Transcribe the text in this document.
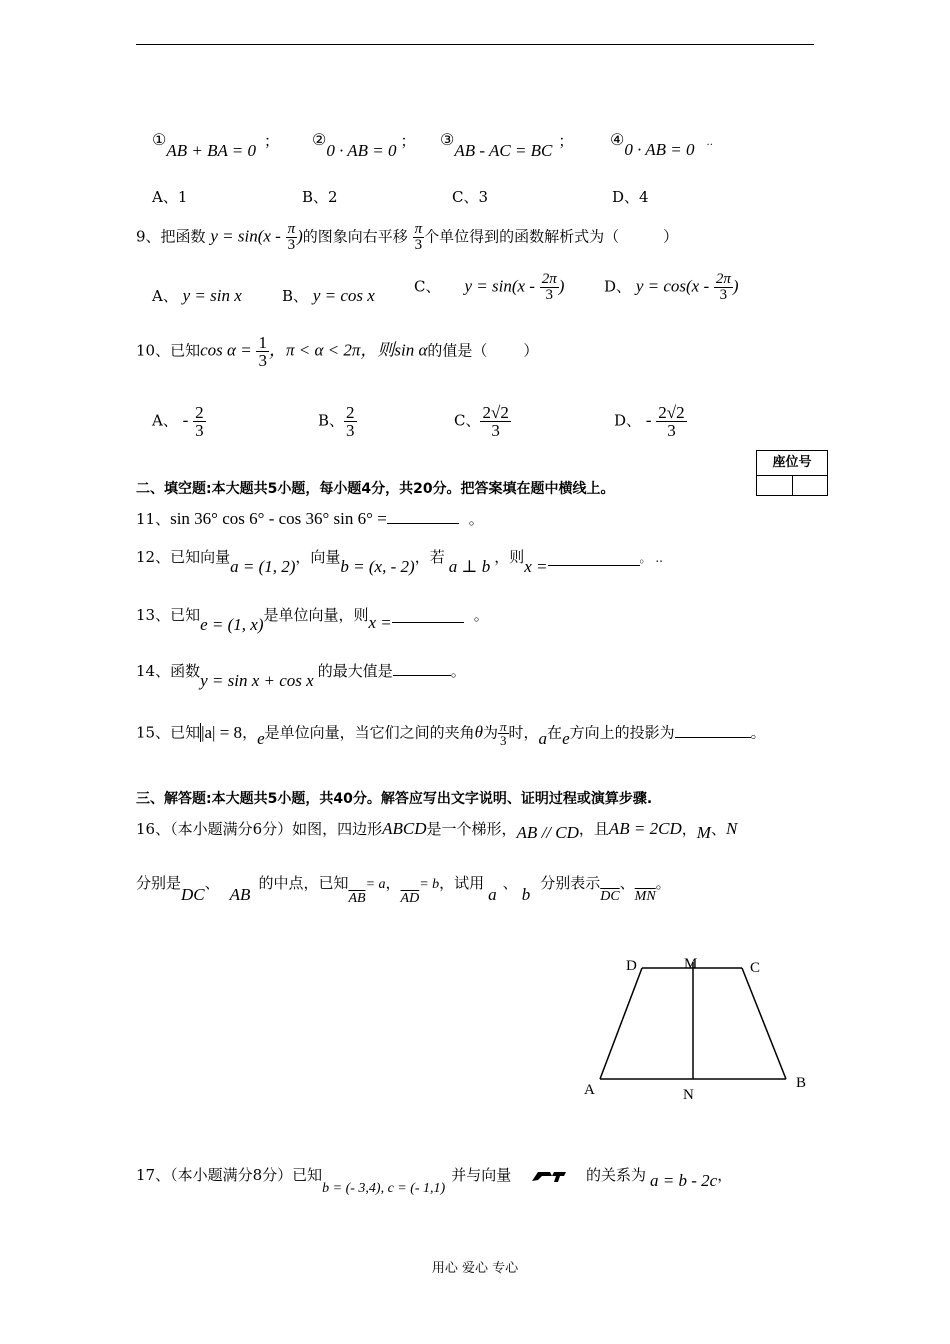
①AB + BA = 0 ； ②0 · AB = 0 ； ③AB - AC = BC ； ④0 · AB = 0 ..
A、1	B、2	C、3	D、4
9、把函数 $y = \sin(x - \frac{\pi}{3}$ )的图象向右平移 $\frac{\pi}{3}$ 个单位得到的函数解析式为（	）
A、 y = sin x	B、 y = cos x	C、 $y = \sin(x - \frac{2\pi}{3}$ )	D、 $y = \cos(x - \frac{2\pi}{3}$ )
10、已知$\cos \alpha = \frac{1}{3}$ ，π < α < 2π，则sin α的值是（ ）
A、 - $\frac{2}{3}$	B、 $\frac{2}{3}$	C、 $\frac{2√2}{3}$	D、 - $\frac{2√2}{3}$
座位号
二、填空题:本大题共5小题，每小题4分，共20分。把答案填在题中横线上。
11、sin 36° cos 6° - cos 36° sin 6° =	。
12、已知向量a = (1, 2)，向量b = (x, - 2)，若 a ⊥ b ，则x =	。 ..
13、已知e = (1, x)是单位向量，则x =	。
14、函数y = sin x + cos x 的最大值是	。
15、已知|a| = 8，e是单位向量，当它们之间的夹角θ为 $\frac{\pi}{3}$ 时，a在e方向上的投影为	。
三、解答题:本大题共5小题，共40分。解答应写出文字说明、证明过程或演算步骤.
16、（本小题满分6分）如图，四边形ABCD是一个梯形，AB // CD，且AB = 2CD，M、N
分别是DC、AB的中点，已知$\overline{AB}= a$，$\overline{AD}= b$，试用a、b分别表示$\overline{DC}$、$\overline{MN}$。
D	M	C
A	N
B
17、（本小题满分8分）已知b = (- 3,4), c = (- 1,1)并与向量	的关系为 a = b - 2c，
用心 爱心 专心
